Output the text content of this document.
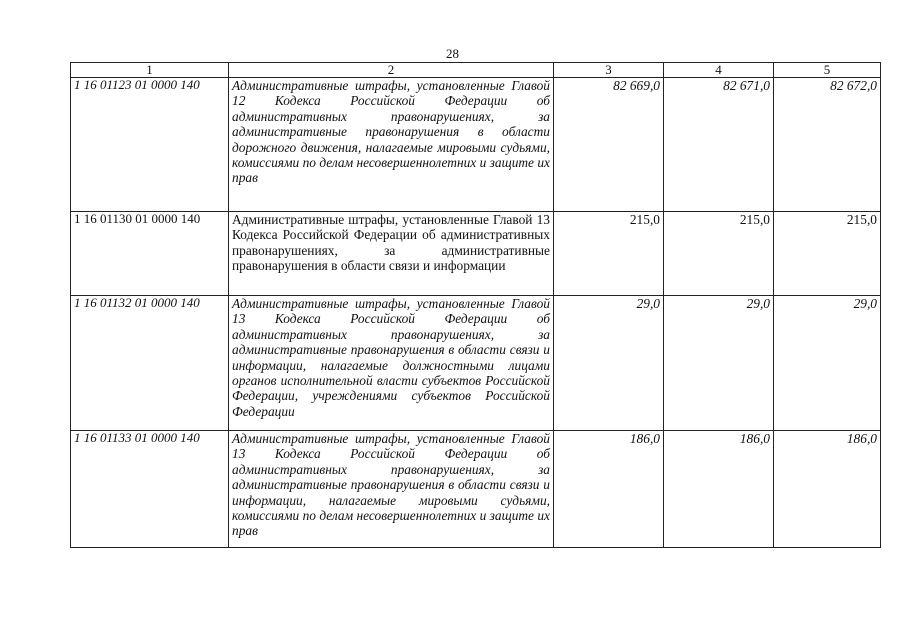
28
1	2	3	4	5
1 16 01123 01 0000 140	Административные штрафы, установленные Главой 12 Кодекса Российской Федерации об административных правонарушениях, за административные правонарушения в области дорожного движения, налагаемые мировыми судьями, комиссиями по делам несовершеннолетних и защите их прав	82 669,0	82 671,0	82 672,0
1 16 01130 01 0000 140	Административные штрафы, установленные Главой 13 Кодекса Российской Федерации об административных правонарушениях, за административные правонарушения в области связи и информации	215,0	215,0	215,0
1 16 01132 01 0000 140	Административные штрафы, установленные Главой 13 Кодекса Российской Федерации об административных правонарушениях, за административные правонарушения в области связи и информации, налагаемые должностными лицами органов исполнительной власти субъектов Российской Федерации, учреждениями субъектов Российской Федерации	29,0	29,0	29,0
1 16 01133 01 0000 140	Административные штрафы, установленные Главой 13 Кодекса Российской Федерации об административных правонарушениях, за административные правонарушения в области связи и информации, налагаемые мировыми судьями, комиссиями по делам несовершеннолетних и защите их прав	186,0	186,0	186,0
